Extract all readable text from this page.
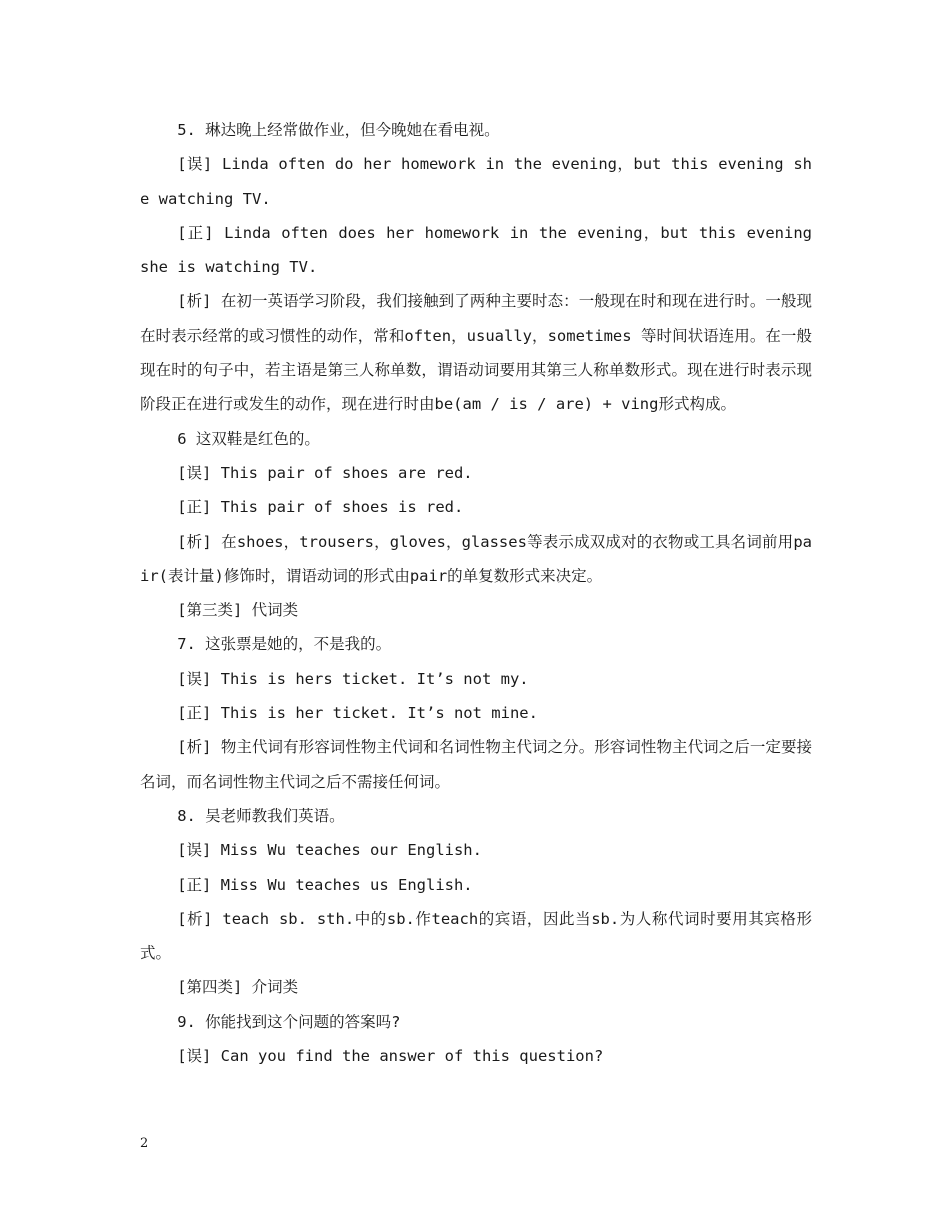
5. 琳达晚上经常做作业，但今晚她在看电视。

[误] Linda often do her homework in the evening，but this evening she watching TV.

[正] Linda often does her homework in the evening，but this evening she is watching TV.

[析] 在初一英语学习阶段，我们接触到了两种主要时态：一般现在时和现在进行时。一般现在时表示经常的或习惯性的动作，常和often，usually，sometimes 等时间状语连用。在一般现在时的句子中，若主语是第三人称单数，谓语动词要用其第三人称单数形式。现在进行时表示现阶段正在进行或发生的动作，现在进行时由be(am / is / are) + ving形式构成。

6 这双鞋是红色的。

[误] This pair of shoes are red.

[正] This pair of shoes is red.

[析] 在shoes，trousers，gloves，glasses等表示成双成对的衣物或工具名词前用pair(表计量)修饰时，谓语动词的形式由pair的单复数形式来决定。

[第三类] 代词类

7. 这张票是她的，不是我的。

[误] This is hers ticket. It’s not my.

[正] This is her ticket. It’s not mine.

[析] 物主代词有形容词性物主代词和名词性物主代词之分。形容词性物主代词之后一定要接名词，而名词性物主代词之后不需接任何词。

8. 吴老师教我们英语。

[误] Miss Wu teaches our English.

[正] Miss Wu teaches us English.

[析] teach sb. sth.中的sb.作teach的宾语，因此当sb.为人称代词时要用其宾格形式。

[第四类] 介词类

9. 你能找到这个问题的答案吗?

[误] Can you find the answer of this question?

2
